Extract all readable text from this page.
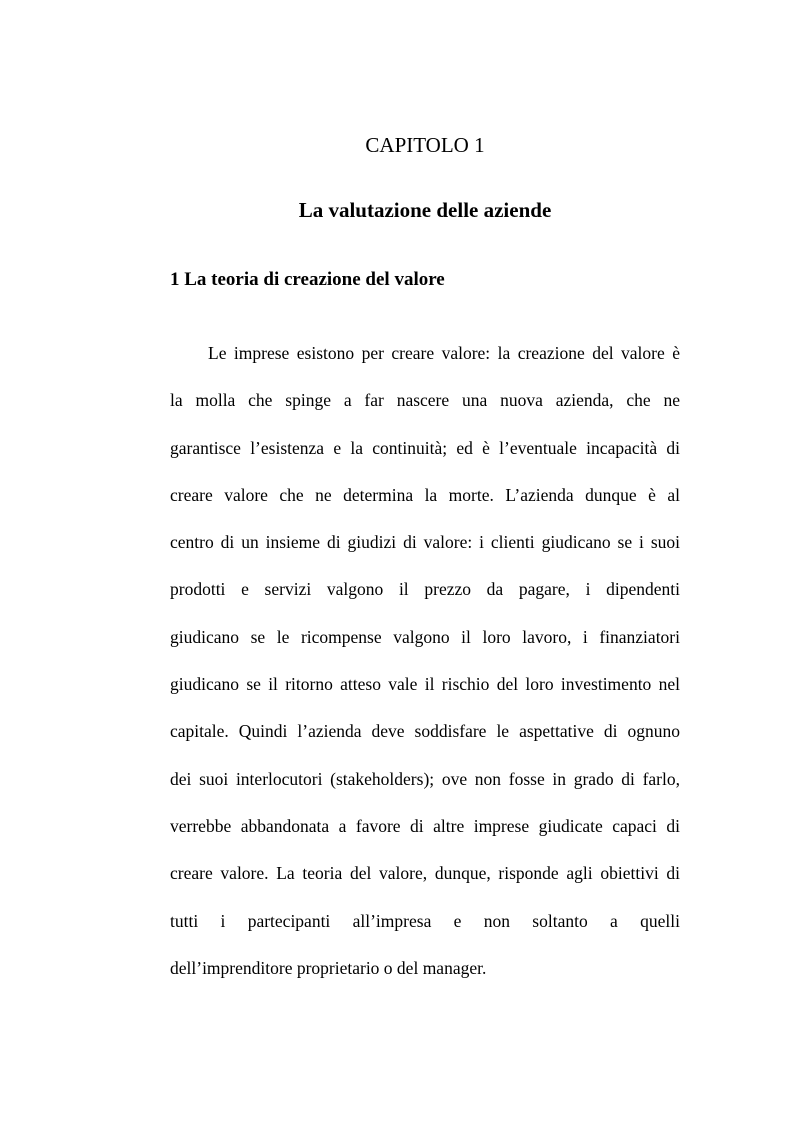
CAPITOLO 1
La valutazione delle aziende
1 La teoria di creazione del valore
Le imprese esistono per creare valore: la creazione del valore è
la molla che spinge a far nascere una nuova azienda, che ne
garantisce l’esistenza e la continuità; ed è l’eventuale incapacità di
creare valore che ne determina la morte. L’azienda dunque è al
centro di un insieme di giudizi di valore: i clienti giudicano se i suoi
prodotti e servizi valgono il prezzo da pagare, i dipendenti
giudicano se le ricompense valgono il loro lavoro, i finanziatori
giudicano se il ritorno atteso vale il rischio del loro investimento nel
capitale. Quindi l’azienda deve soddisfare le aspettative di ognuno
dei suoi interlocutori (stakeholders); ove non fosse in grado di farlo,
verrebbe abbandonata a favore di altre imprese giudicate capaci di
creare valore. La teoria del valore, dunque, risponde agli obiettivi di
tutti i partecipanti all’impresa e non soltanto a quelli
dell’imprenditore proprietario o del manager.
